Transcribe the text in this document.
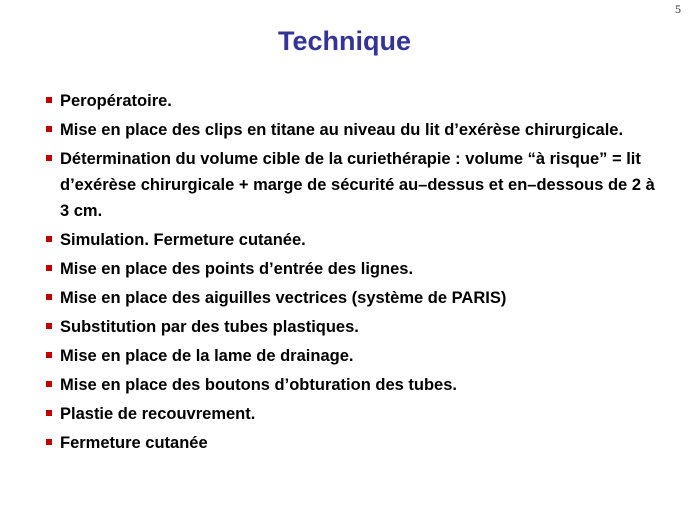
5
Technique
Peropératoire.
Mise en place des clips en titane au niveau du lit d’exérèse chirurgicale.
Détermination du volume cible de la curiethérapie : volume “à risque” = lit d’exérèse chirurgicale + marge de sécurité au–dessus et en–dessous de 2 à 3 cm.
Simulation. Fermeture cutanée.
Mise en place des points d’entrée des lignes.
Mise en place des aiguilles vectrices (système de PARIS)
Substitution par des tubes plastiques.
Mise en place de la lame de drainage.
Mise en place des boutons d’obturation des tubes.
Plastie de recouvrement.
Fermeture cutanée
